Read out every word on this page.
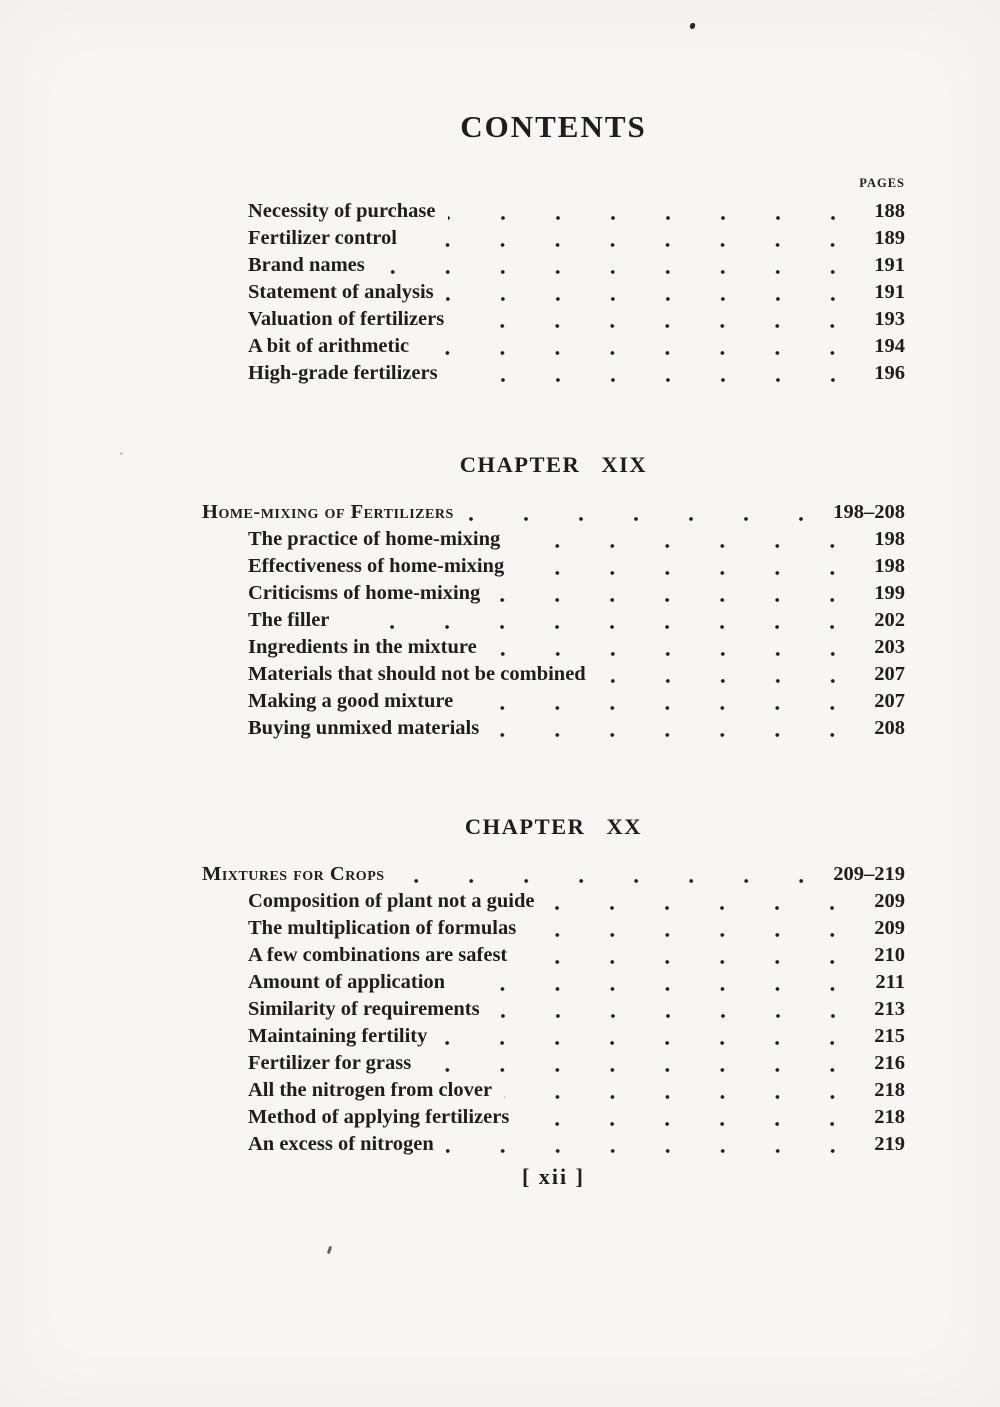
CONTENTS
PAGES
Necessity of purchase	188
Fertilizer control	189
Brand names	191
Statement of analysis	191
Valuation of fertilizers	193
A bit of arithmetic	194
High-grade fertilizers	196
CHAPTER XIX
Home-mixing of Fertilizers	198–208
The practice of home-mixing	198
Effectiveness of home-mixing	198
Criticisms of home-mixing	199
The filler	202
Ingredients in the mixture	203
Materials that should not be combined	207
Making a good mixture	207
Buying unmixed materials	208
CHAPTER XX
Mixtures for Crops	209–219
Composition of plant not a guide	209
The multiplication of formulas	209
A few combinations are safest	210
Amount of application	211
Similarity of requirements	213
Maintaining fertility	215
Fertilizer for grass	216
All the nitrogen from clover	218
Method of applying fertilizers	218
An excess of nitrogen	219
[ xii ]
